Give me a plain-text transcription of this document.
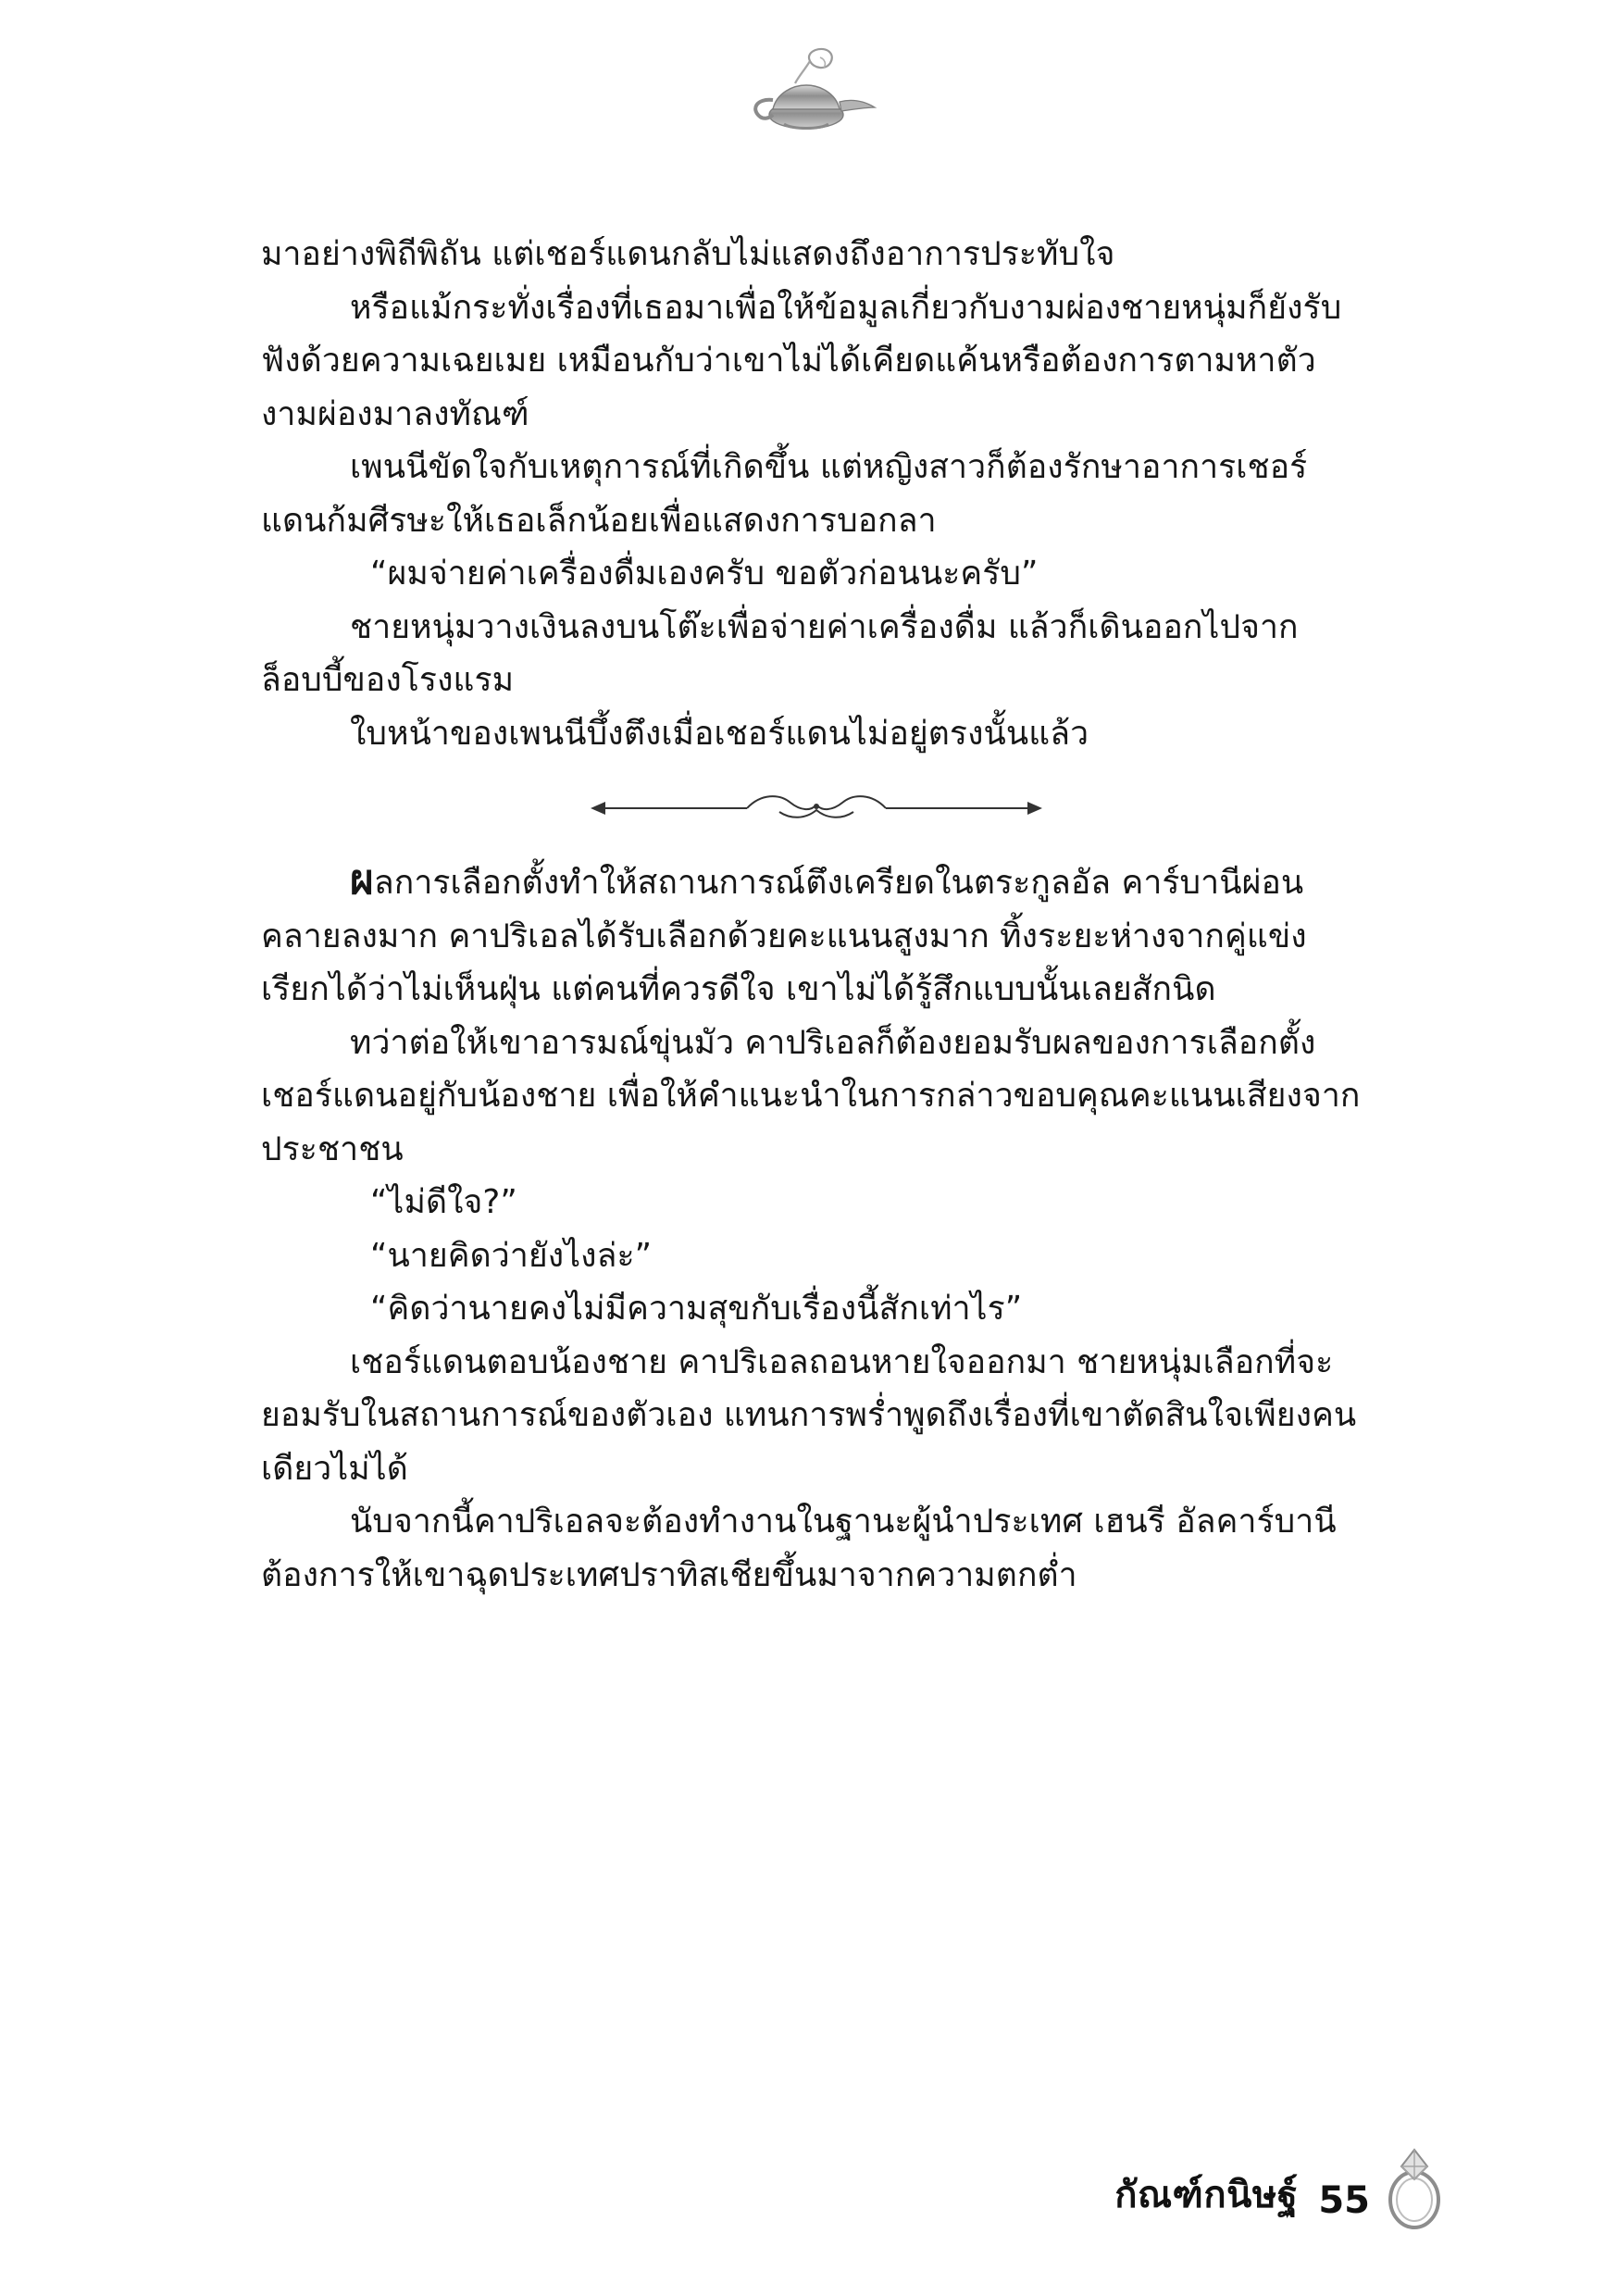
มาอย่างพิถีพิถัน แต่เชอร์แดนกลับไม่แสดงถึงอาการประทับใจ

หรือแม้กระทั่งเรื่องที่เธอมาเพื่อให้ข้อมูลเกี่ยวกับงามผ่องชายหนุ่มก็ยังรับฟังด้วยความเฉยเมย เหมือนกับว่าเขาไม่ได้เคียดแค้นหรือต้องการตามหาตัวงามผ่องมาลงทัณฑ์

เพนนีขัดใจกับเหตุการณ์ที่เกิดขึ้น แต่หญิงสาวก็ต้องรักษาอาการเชอร์แดนก้มศีรษะให้เธอเล็กน้อยเพื่อแสดงการบอกลา

“ผมจ่ายค่าเครื่องดื่มเองครับ ขอตัวก่อนนะครับ”

ชายหนุ่มวางเงินลงบนโต๊ะเพื่อจ่ายค่าเครื่องดื่ม แล้วก็เดินออกไปจากล็อบบี้ของโรงแรม

ใบหน้าของเพนนีบึ้งตึงเมื่อเชอร์แดนไม่อยู่ตรงนั้นแล้ว

ผลการเลือกตั้งทำให้สถานการณ์ตึงเครียดในตระกูลอัล คาร์บานีผ่อนคลายลงมาก คาปริเอลได้รับเลือกด้วยคะแนนสูงมาก ทิ้งระยะห่างจากคู่แข่งเรียกได้ว่าไม่เห็นฝุ่น แต่คนที่ควรดีใจ เขาไม่ได้รู้สึกแบบนั้นเลยสักนิด

ทว่าต่อให้เขาอารมณ์ขุ่นมัว คาปริเอลก็ต้องยอมรับผลของการเลือกตั้ง เชอร์แดนอยู่กับน้องชาย เพื่อให้คำแนะนำในการกล่าวขอบคุณคะแนนเสียงจากประชาชน

“ไม่ดีใจ?”

“นายคิดว่ายังไงล่ะ”

“คิดว่านายคงไม่มีความสุขกับเรื่องนี้สักเท่าไร”

เชอร์แดนตอบน้องชาย คาปริเอลถอนหายใจออกมา ชายหนุ่มเลือกที่จะยอมรับในสถานการณ์ของตัวเอง แทนการพร่ำพูดถึงเรื่องที่เขาตัดสินใจเพียงคนเดียวไม่ได้

นับจากนี้คาปริเอลจะต้องทำงานในฐานะผู้นำประเทศ เฮนรี อัลคาร์บานี ต้องการให้เขาฉุดประเทศปราทิสเชียขึ้นมาจากความตกต่ำ

กัณฑ์กนิษฐ์ 55
